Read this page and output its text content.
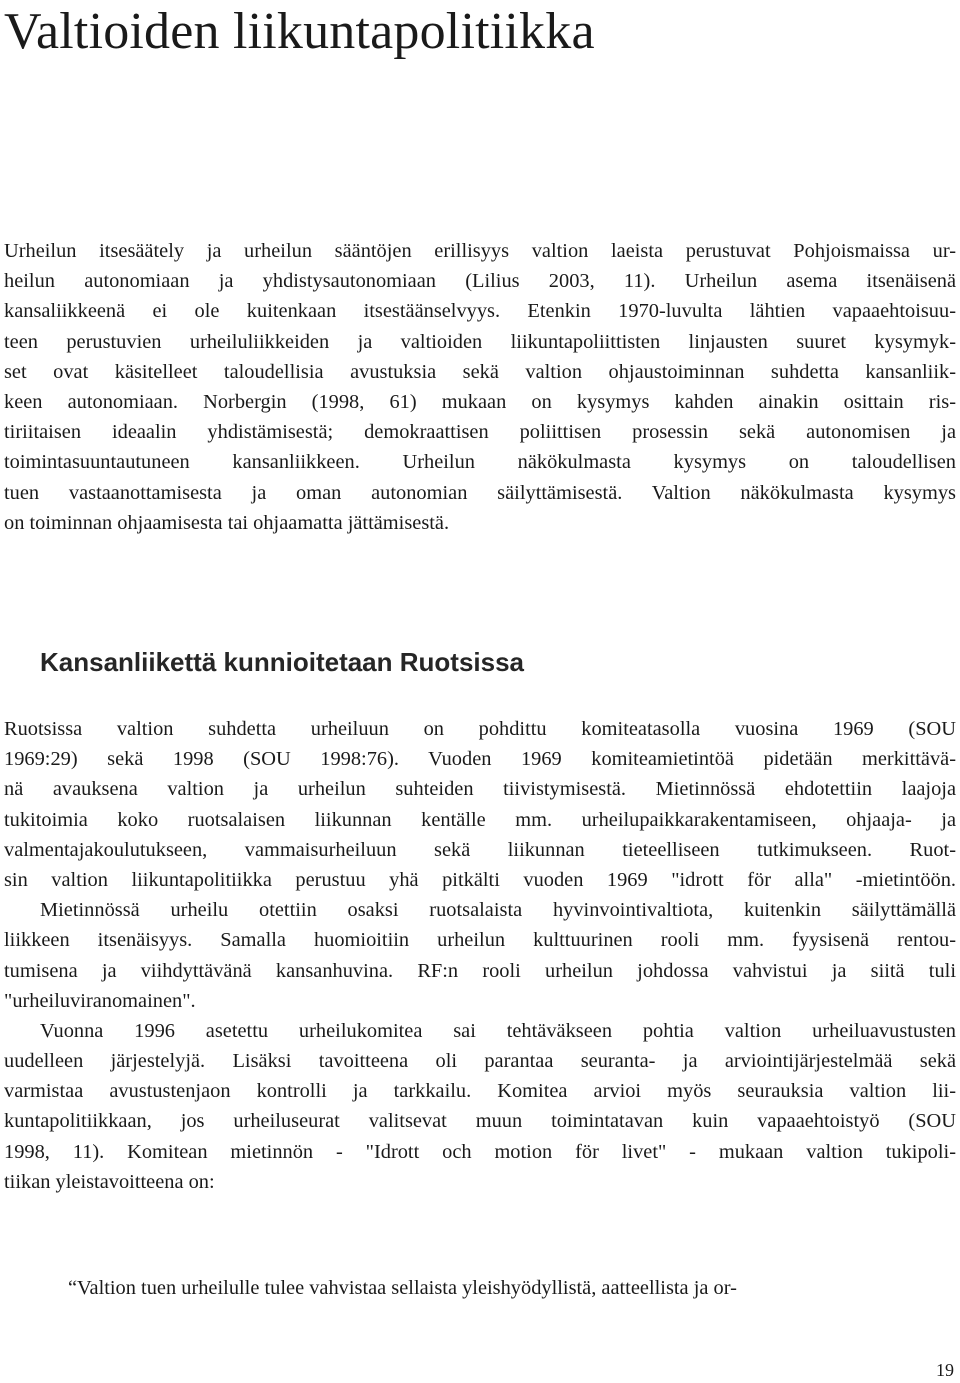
Valtioiden liikuntapolitiikka
Urheilun itsesäätely ja urheilun sääntöjen erillisyys valtion laeista perustuvat Pohjoismaissa ur-
heilun autonomiaan ja yhdistysautonomiaan (Lilius 2003, 11). Urheilun asema itsenäisenä
kansaliikkeenä ei ole kuitenkaan itsestäänselvyys. Etenkin 1970-luvulta lähtien vapaaehtoisuu-
teen perustuvien urheiluliikkeiden ja valtioiden liikuntapoliittisten linjausten suuret kysymyk-
set ovat käsitelleet taloudellisia avustuksia sekä valtion ohjaustoiminnan suhdetta kansanliik-
keen autonomiaan. Norbergin (1998, 61) mukaan on kysymys kahden ainakin osittain ris-
tiriitaisen ideaalin yhdistämisestä; demokraattisen poliittisen prosessin sekä autonomisen ja
toimintasuuntautuneen kansanliikkeen. Urheilun näkökulmasta kysymys on taloudellisen
tuen vastaanottamisesta ja oman autonomian säilyttämisestä. Valtion näkökulmasta kysymys
on toiminnan ohjaamisesta tai ohjaamatta jättämisestä.
Kansanliikettä kunnioitetaan Ruotsissa
Ruotsissa valtion suhdetta urheiluun on pohdittu komiteatasolla vuosina 1969 (SOU
1969:29) sekä 1998 (SOU 1998:76). Vuoden 1969 komiteamietintöä pidetään merkittävä-
nä avauksena valtion ja urheilun suhteiden tiivistymisestä. Mietinnössä ehdotettiin laajoja
tukitoimia koko ruotsalaisen liikunnan kentälle mm. urheilupaikkarakentamiseen, ohjaaja- ja
valmentajakoulutukseen, vammaisurheiluun sekä liikunnan tieteelliseen tutkimukseen. Ruot-
sin valtion liikuntapolitiikka perustuu yhä pitkälti vuoden 1969 "idrott för alla" -mietintöön.
Mietinnössä urheilu otettiin osaksi ruotsalaista hyvinvointivaltiota, kuitenkin säilyttämällä
liikkeen itsenäisyys. Samalla huomioitiin urheilun kulttuurinen rooli mm. fyysisenä rentou-
tumisena ja viihdyttävänä kansanhuvina. RF:n rooli urheilun johdossa vahvistui ja siitä tuli
"urheiluviranomainen".
Vuonna 1996 asetettu urheilukomitea sai tehtäväkseen pohtia valtion urheiluavustusten
uudelleen järjestelyjä. Lisäksi tavoitteena oli parantaa seuranta- ja arviointijärjestelmää sekä
varmistaa avustustenjaon kontrolli ja tarkkailu. Komitea arvioi myös seurauksia valtion lii-
kuntapolitiikkaan, jos urheiluseurat valitsevat muun toimintatavan kuin vapaaehtoistyö (SOU
1998, 11). Komitean mietinnön - "Idrott och motion för livet" - mukaan valtion tukipoli-
tiikan yleistavoitteena on:
“Valtion tuen urheilulle tulee vahvistaa sellaista yleishyödyllistä, aatteellista ja or-
19
